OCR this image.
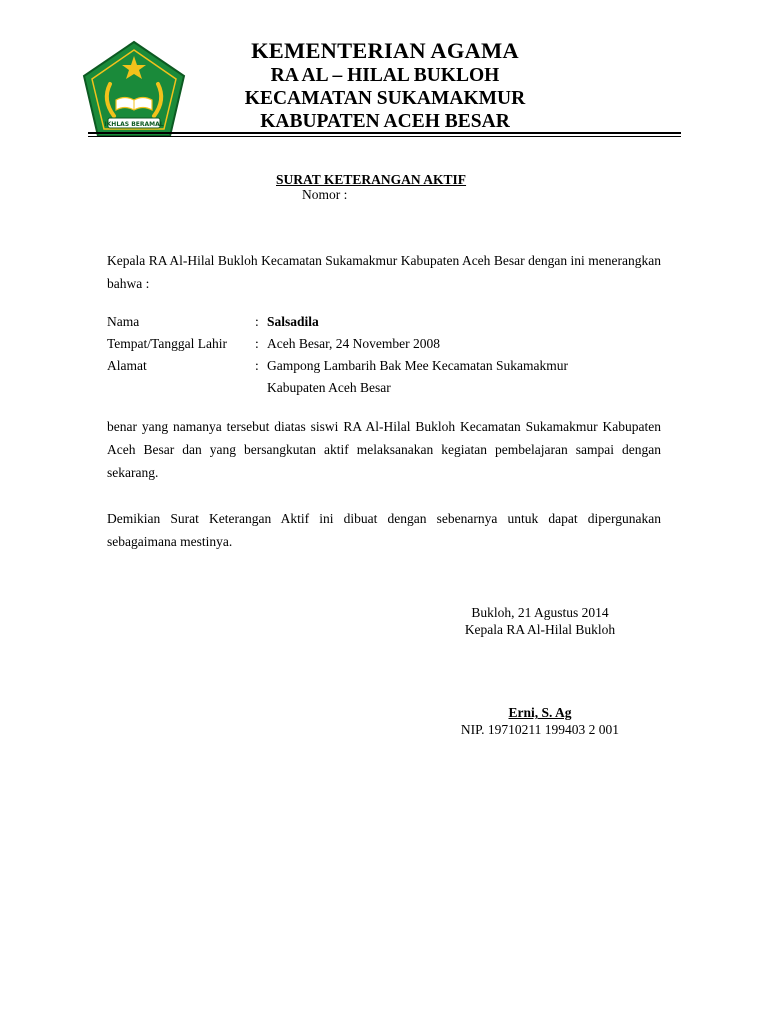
IKHLAS BERAMAL
KEMENTERIAN AGAMA
RA AL – HILAL BUKLOH
KECAMATAN SUKAMAKMUR
KABUPATEN ACEH BESAR
SURAT KETERANGAN AKTIF
Nomor :
Kepala RA Al-Hilal Bukloh Kecamatan Sukamakmur Kabupaten Aceh Besar dengan ini menerangkan bahwa :
Nama	: Salsadila
Tempat/Tanggal Lahir	: Aceh Besar, 24 November 2008
Alamat	: Gampong Lambarih Bak Mee Kecamatan Sukamakmur
Kabupaten Aceh Besar
benar yang namanya tersebut diatas siswi RA Al-Hilal Bukloh Kecamatan Sukamakmur Kabupaten Aceh Besar dan yang bersangkutan aktif melaksanakan kegiatan pembelajaran sampai dengan sekarang.
Demikian Surat Keterangan Aktif ini dibuat dengan sebenarnya untuk dapat dipergunakan sebagaimana mestinya.
Bukloh, 21 Agustus 2014
Kepala RA Al-Hilal Bukloh
Erni, S. Ag
NIP. 19710211 199403 2 001
